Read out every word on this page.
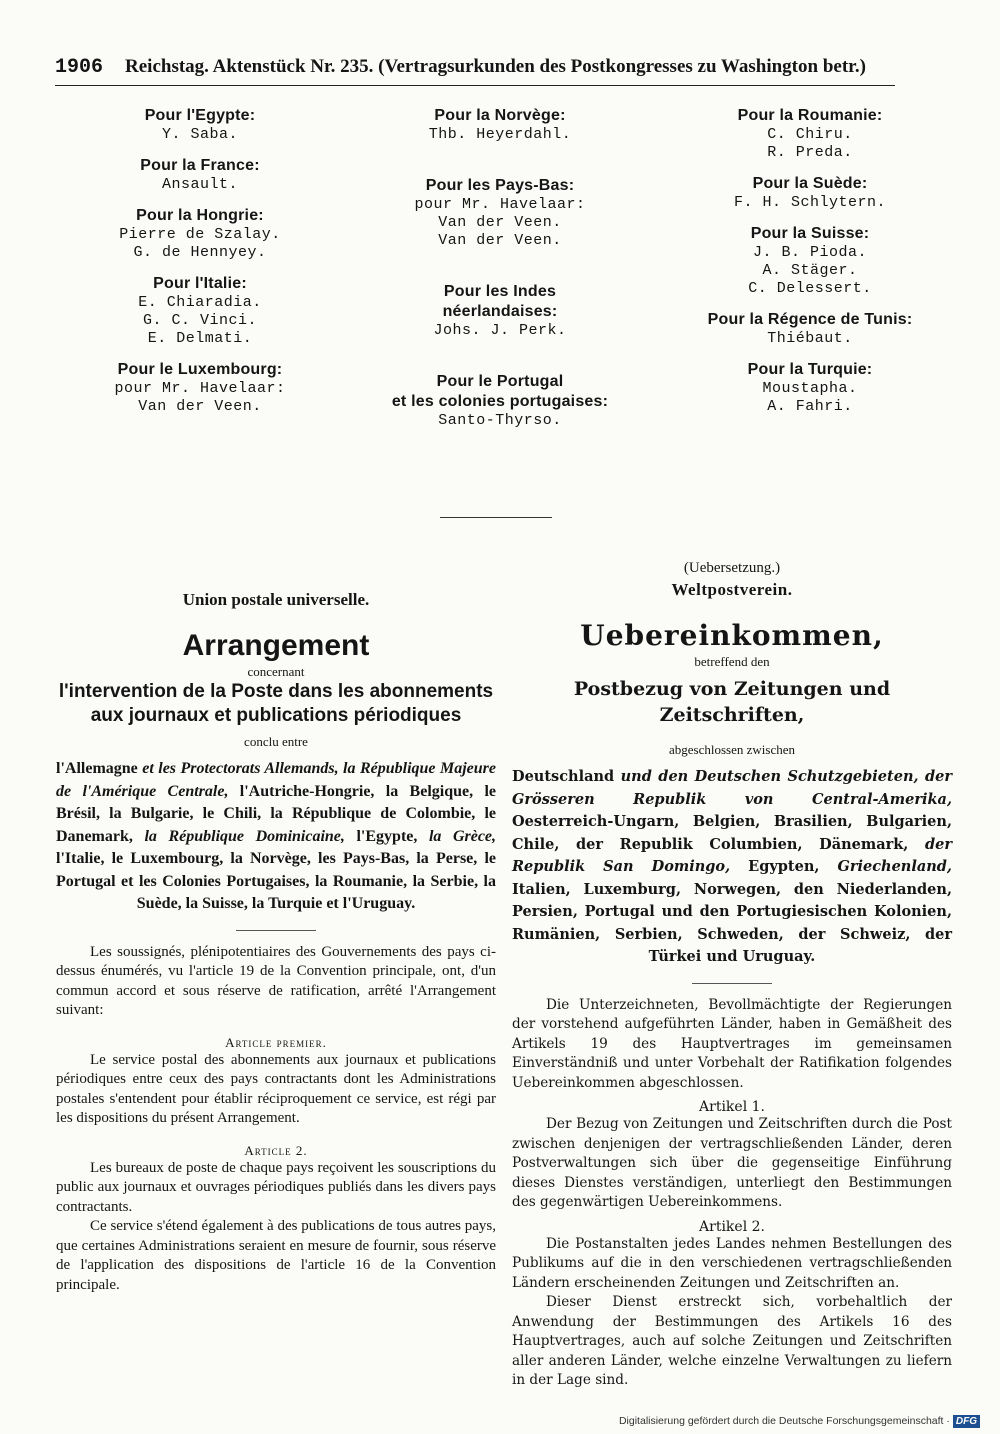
1906 Reichstag. Aktenstück Nr. 235. (Vertragsurkunden des Postkongresses zu Washington betr.)
Pour l'Egypte:
Y. Saba.
Pour la France:
Ansault.
Pour la Hongrie:
Pierre de Szalay.
G. de Hennyey.
Pour l'Italie:
E. Chiaradia.
G. C. Vinci.
E. Delmati.
Pour le Luxembourg:
pour Mr. Havelaar:
Van der Veen.
Pour la Norvège:
Thb. Heyerdahl.
Pour les Pays-Bas:
pour Mr. Havelaar:
Van der Veen.
Van der Veen.
Pour les Indes
néerlandaises:
Johs. J. Perk.
Pour le Portugal
et les colonies portugaises:
Santo-Thyrso.
Pour la Roumanie:
C. Chiru.
R. Preda.
Pour la Suède:
F. H. Schlytern.
Pour la Suisse:
J. B. Pioda.
A. Stäger.
C. Delessert.
Pour la Régence de Tunis:
Thiébaut.
Pour la Turquie:
Moustapha.
A. Fahri.
Union postale universelle.
Arrangement
concernant
l'intervention de la Poste dans les abonnements
aux journaux et publications périodiques
conclu entre
l'Allemagne et les Protectorats Allemands, la République Majeure de l'Amérique Centrale, l'Autriche-Hongrie, la Belgique, le Brésil, la Bulgarie, le Chili, la République de Colombie, le Danemark, la République Dominicaine, l'Egypte, la Grèce, l'Italie, le Luxembourg, la Norvège, les Pays-Bas, la Perse, le Portugal et les Colonies Portugaises, la Roumanie, la Serbie, la Suède, la Suisse, la Turquie et l'Uruguay.

Les soussignés, plénipotentiaires des Gouvernements des pays ci-dessus énumérés, vu l'article 19 de la Convention principale, ont, d'un commun accord et sous réserve de ratification, arrêté l'Arrangement suivant:

Article premier.

Le service postal des abonnements aux journaux et publications périodiques entre ceux des pays contractants dont les Administrations postales s'entendent pour établir réciproquement ce service, est régi par les dispositions du présent Arrangement.

Article 2.

Les bureaux de poste de chaque pays reçoivent les souscriptions du public aux journaux et ouvrages périodiques publiés dans les divers pays contractants.

Ce service s'étend également à des publications de tous autres pays, que certaines Administrations seraient en mesure de fournir, sous réserve de l'application des dispositions de l'article 16 de la Convention principale.

(Uebersetzung.)
Weltpostverein.
Uebereinkommen,
betreffend den
Postbezug von Zeitungen und Zeitschriften,
abgeschlossen zwischen
Deutschland und den Deutschen Schutzgebieten, der Grösseren Republik von Central-Amerika, Oesterreich-Ungarn, Belgien, Brasilien, Bulgarien, Chile, der Republik Columbien, Dänemark, der Republik San Domingo, Egypten, Griechenland, Italien, Luxemburg, Norwegen, den Niederlanden, Persien, Portugal und den Portugiesischen Kolonien, Rumänien, Serbien, Schweden, der Schweiz, der Türkei und Uruguay.

Die Unterzeichneten, Bevollmächtigte der Regierungen der vorstehend aufgeführten Länder, haben in Gemäßheit des Artikels 19 des Hauptvertrages im gemeinsamen Einverständniß und unter Vorbehalt der Ratifikation folgendes Uebereinkommen abgeschlossen.

Artikel 1.

Der Bezug von Zeitungen und Zeitschriften durch die Post zwischen denjenigen der vertragschließenden Länder, deren Postverwaltungen sich über die gegenseitige Einführung dieses Dienstes verständigen, unterliegt den Bestimmungen des gegenwärtigen Uebereinkommens.

Artikel 2.

Die Postanstalten jedes Landes nehmen Bestellungen des Publikums auf die in den verschiedenen vertragschließenden Ländern erscheinenden Zeitungen und Zeitschriften an.

Dieser Dienst erstreckt sich, vorbehaltlich der Anwendung der Bestimmungen des Artikels 16 des Hauptvertrages, auch auf solche Zeitungen und Zeitschriften aller anderen Länder, welche einzelne Verwaltungen zu liefern in der Lage sind.

Digitalisierung gefördert durch die Deutsche Forschungsgemeinschaft · DFG
